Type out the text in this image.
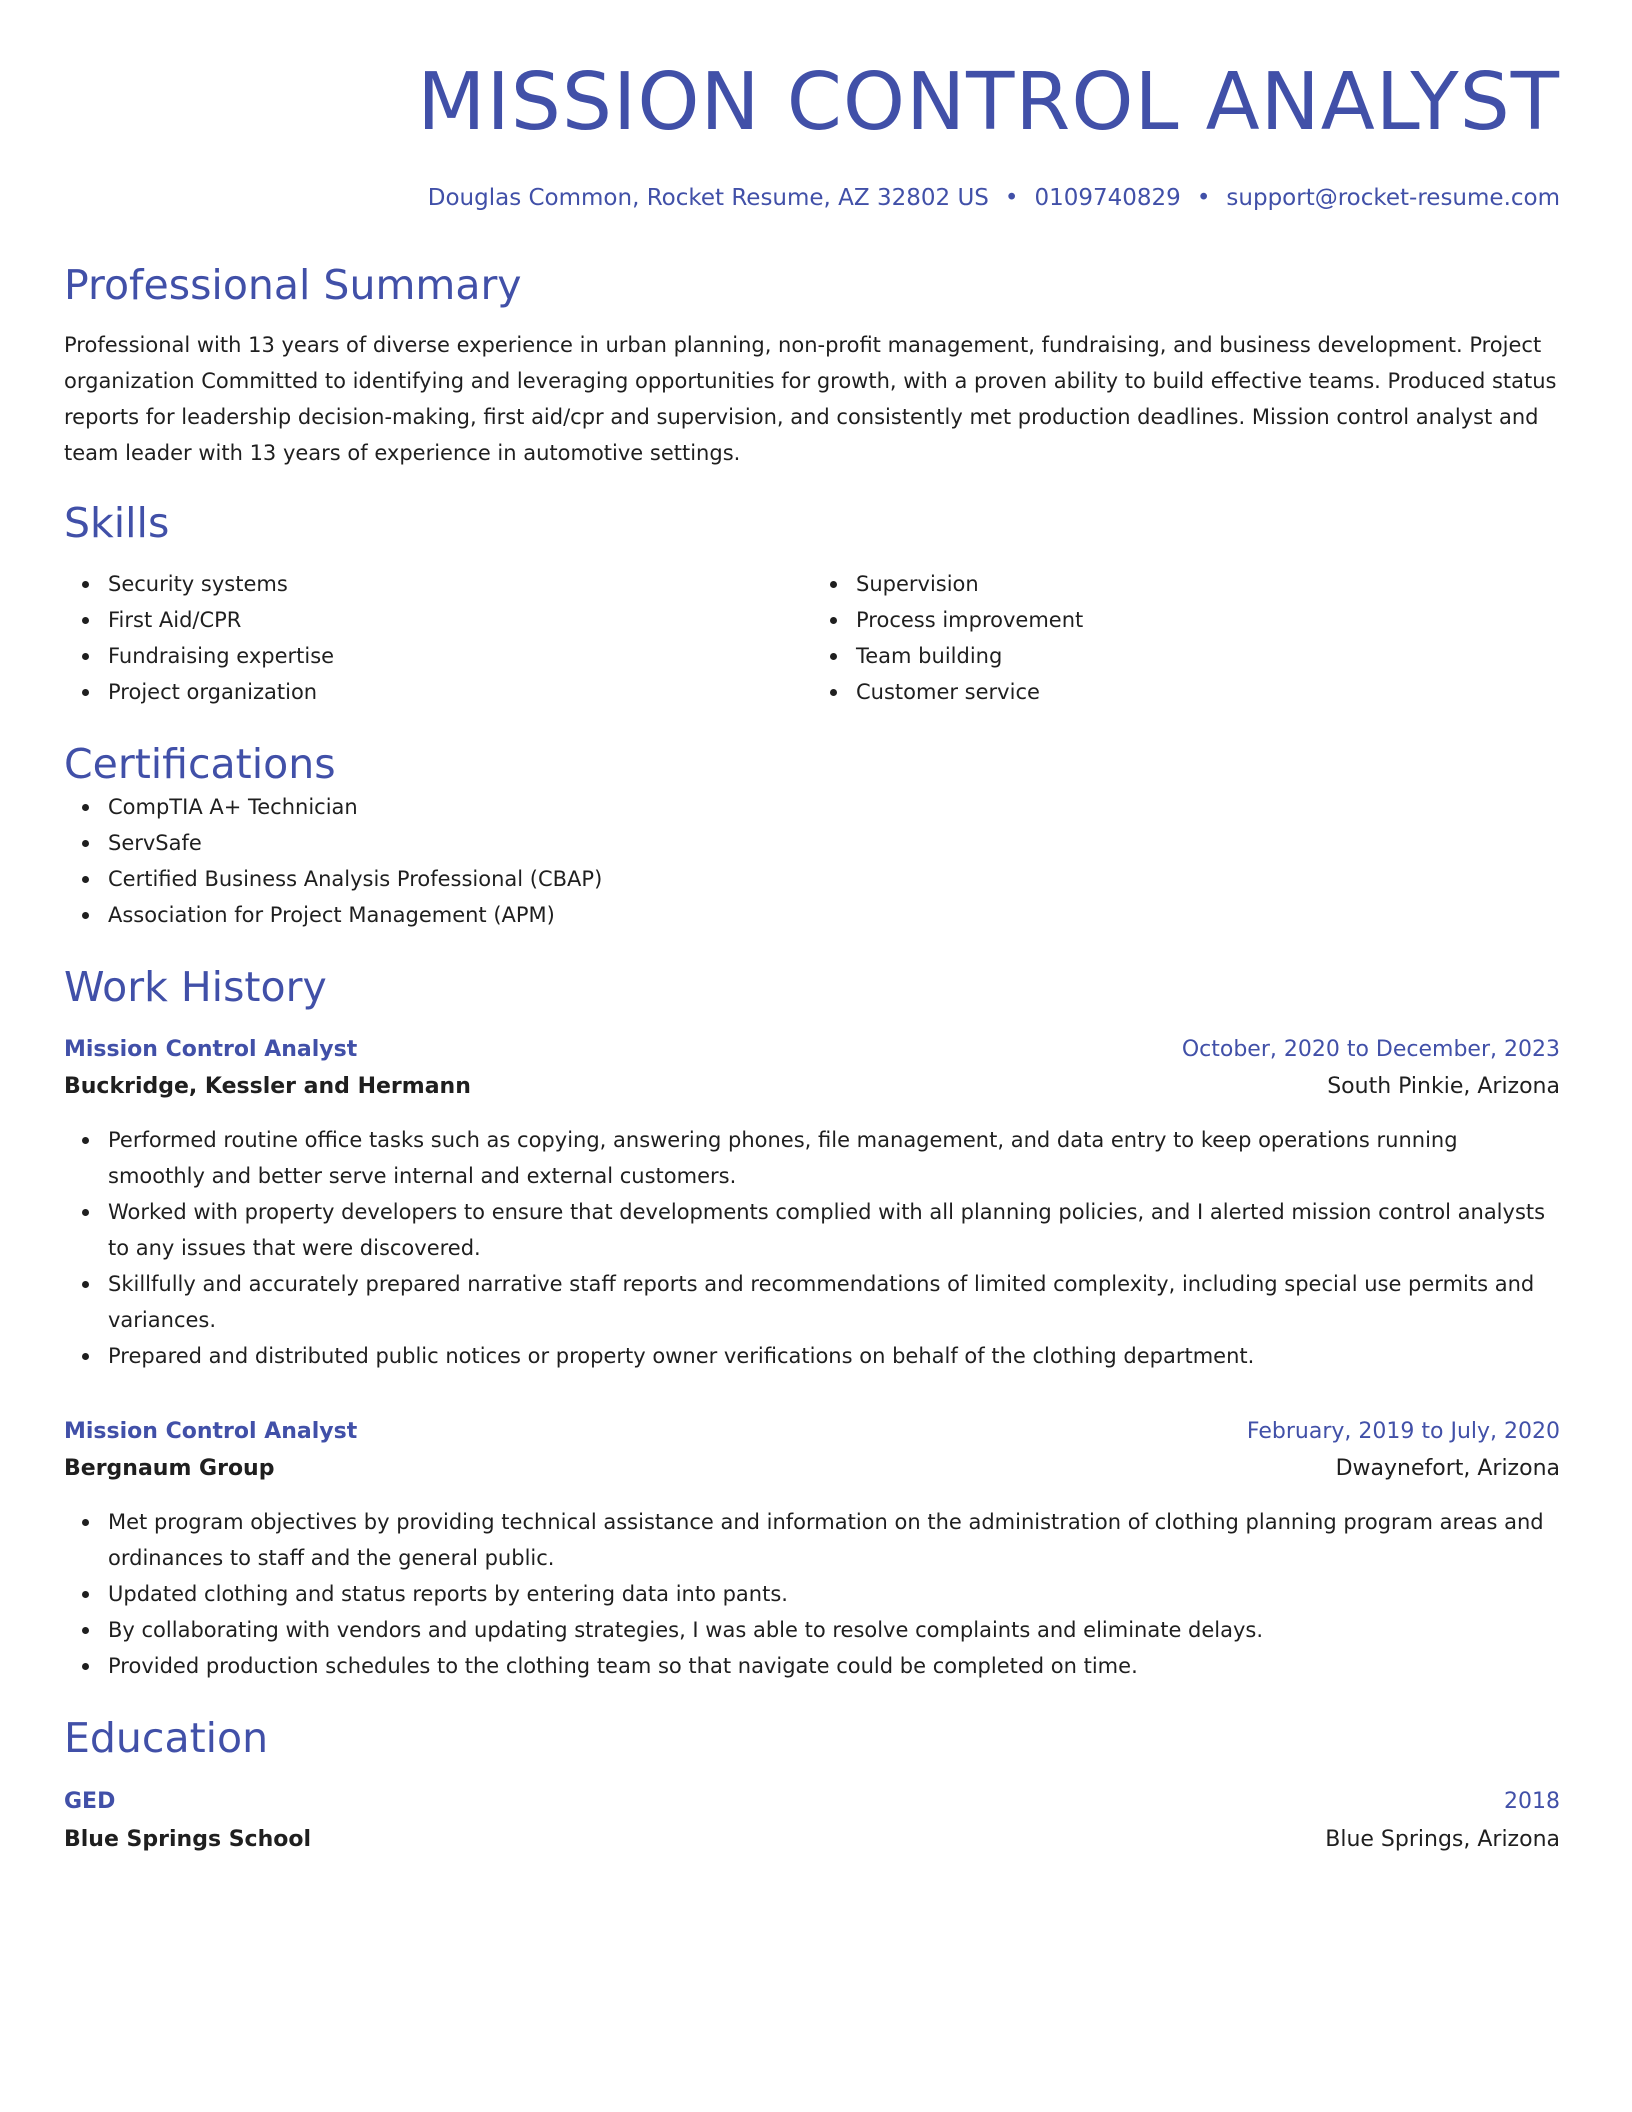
MISSION CONTROL ANALYST
Douglas Common, Rocket Resume, AZ 32802 US • 0109740829 • support@rocket-resume.com
Professional Summary

Professional with 13 years of diverse experience in urban planning, non-profit management, fundraising, and business development. Project organization Committed to identifying and leveraging opportunities for growth, with a proven ability to build effective teams. Produced status reports for leadership decision-making, first aid/cpr and supervision, and consistently met production deadlines. Mission control analyst and team leader with 13 years of experience in automotive settings.

Skills
Security systems
First Aid/CPR
Fundraising expertise
Project organization
Supervision
Process improvement
Team building
Customer service
Certifications
CompTIA A+ Technician
ServSafe
Certified Business Analysis Professional (CBAP)
Association for Project Management (APM)
Work History
Mission Control Analyst	October, 2020 to December, 2023
Buckridge, Kessler and Hermann	South Pinkie, Arizona
Performed routine office tasks such as copying, answering phones, file management, and data entry to keep operations running smoothly and better serve internal and external customers.
Worked with property developers to ensure that developments complied with all planning policies, and I alerted mission control analysts to any issues that were discovered.
Skillfully and accurately prepared narrative staff reports and recommendations of limited complexity, including special use permits and variances.
Prepared and distributed public notices or property owner verifications on behalf of the clothing department.
Mission Control Analyst	February, 2019 to July, 2020
Bergnaum Group	Dwaynefort, Arizona
Met program objectives by providing technical assistance and information on the administration of clothing planning program areas and ordinances to staff and the general public.
Updated clothing and status reports by entering data into pants.
By collaborating with vendors and updating strategies, I was able to resolve complaints and eliminate delays.
Provided production schedules to the clothing team so that navigate could be completed on time.
Education
GED	2018
Blue Springs School	Blue Springs, Arizona
